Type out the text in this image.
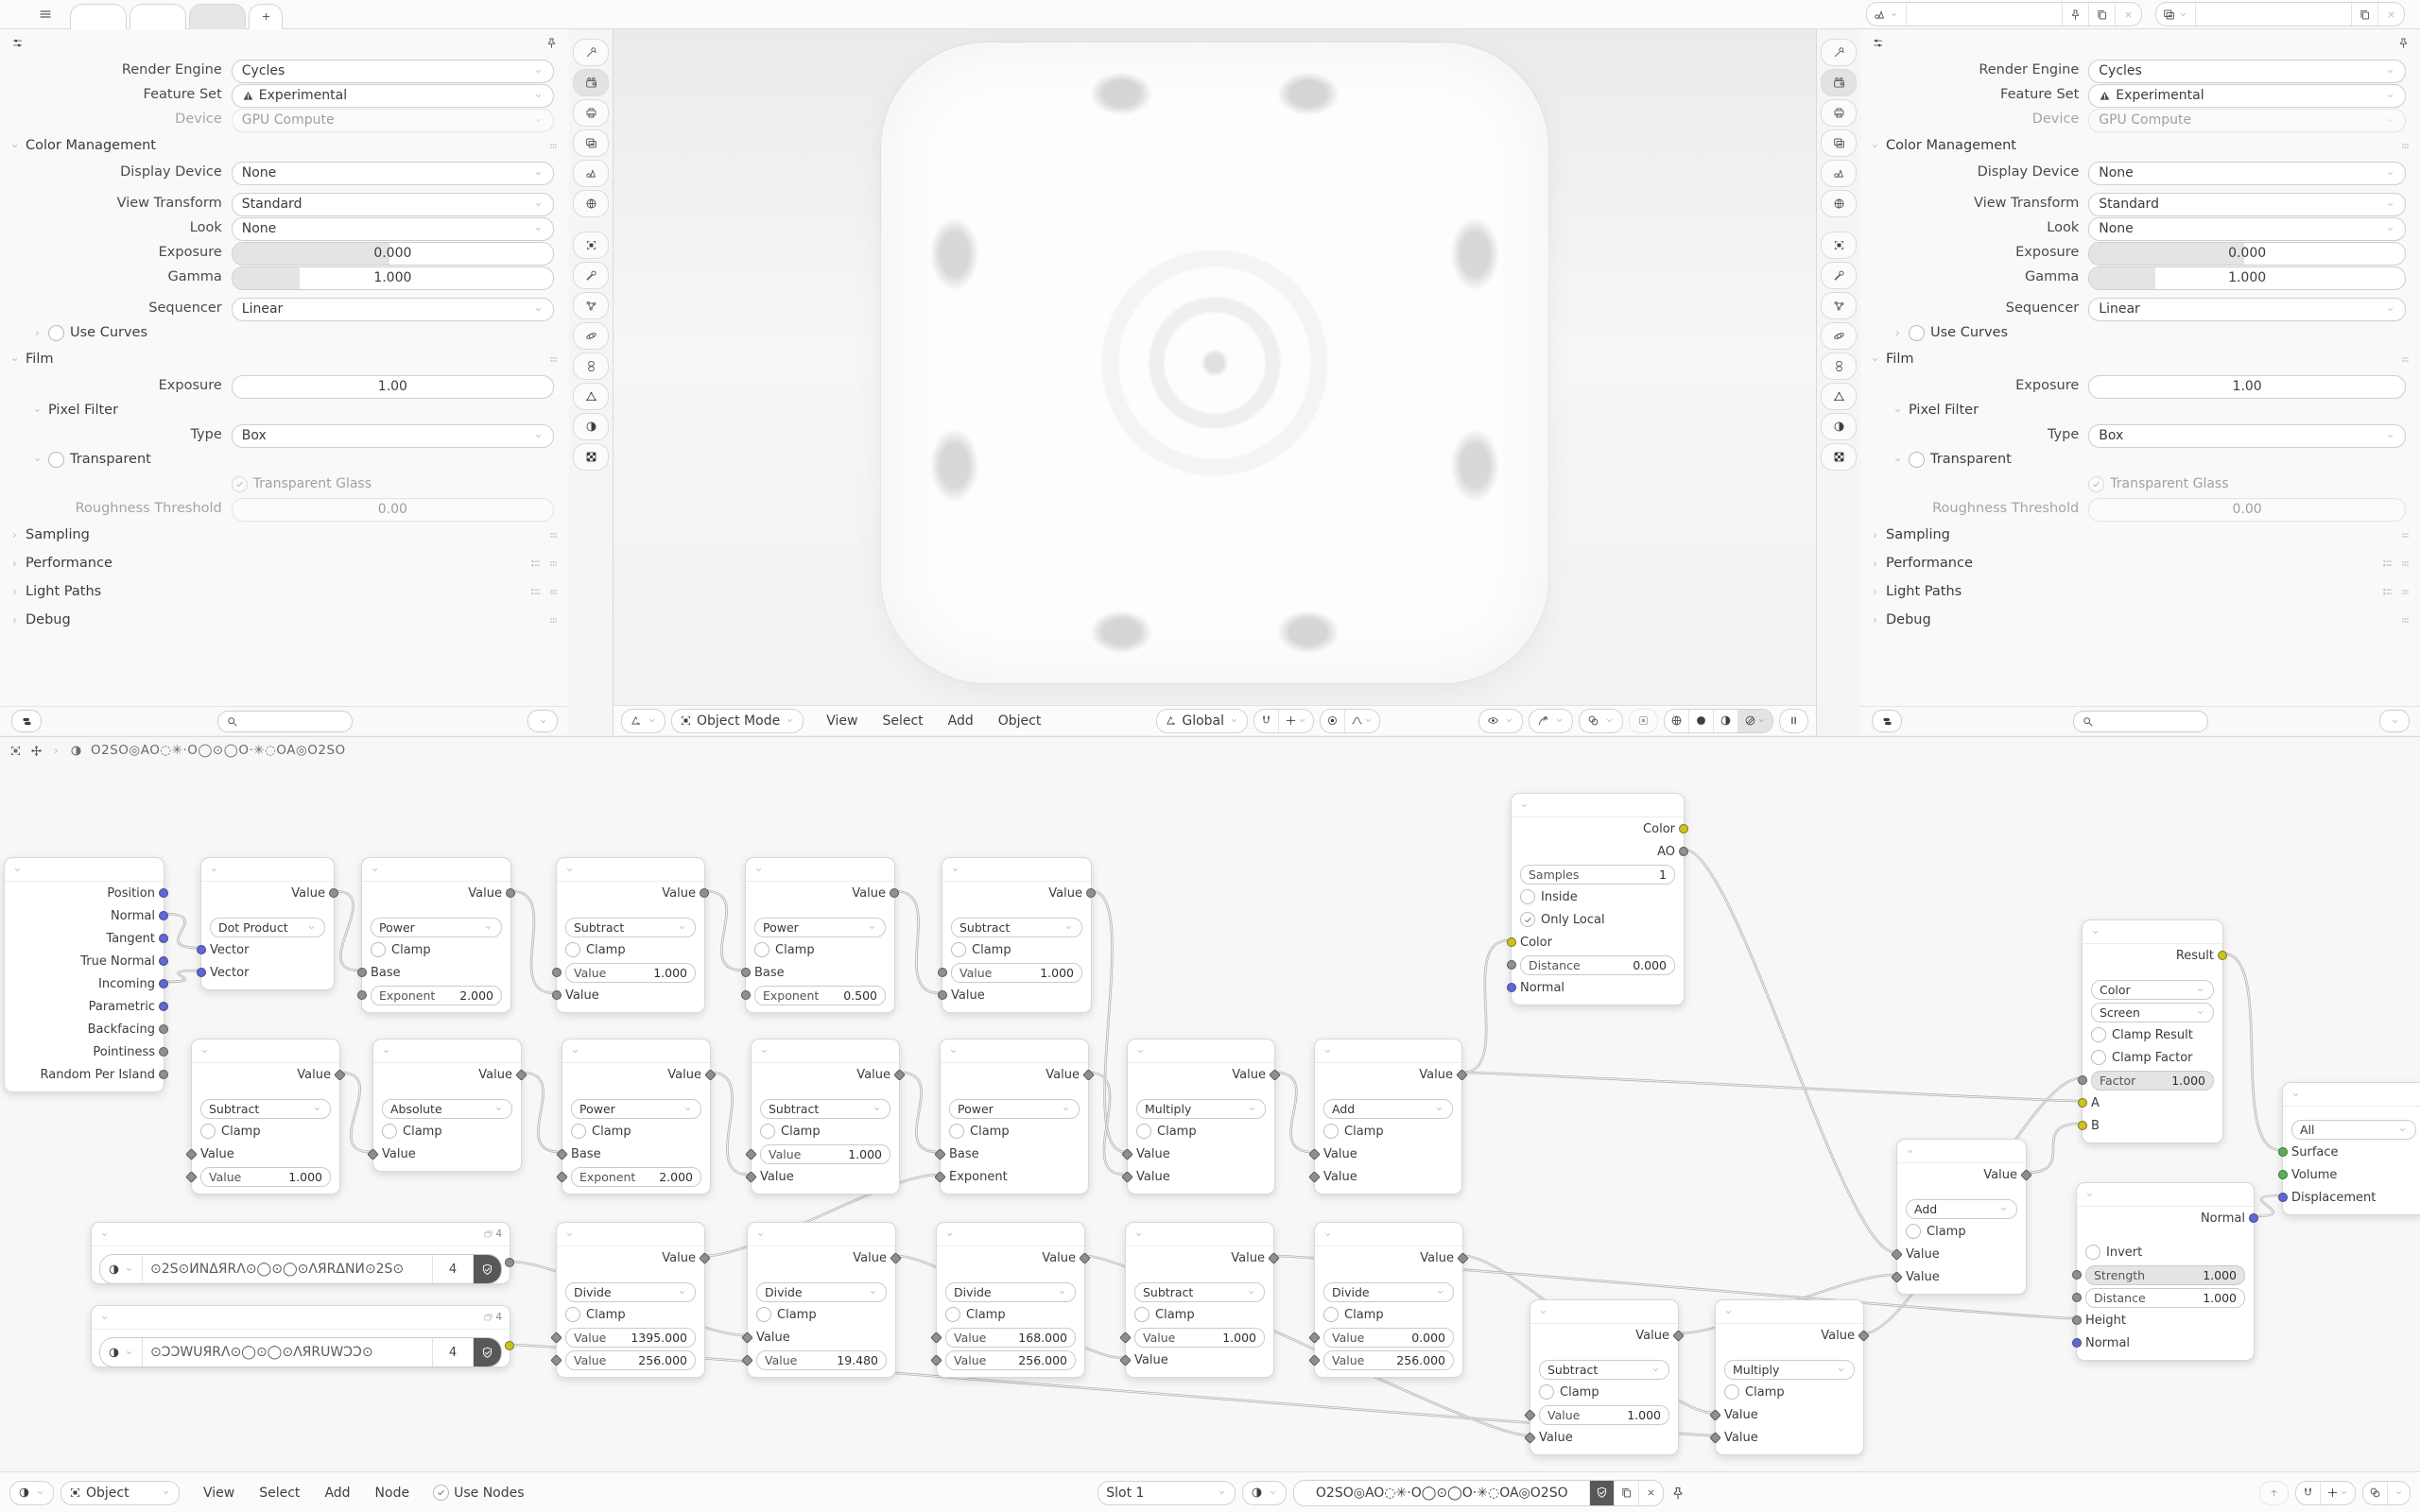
Render Engine	Cycles
Feature Set	Experimental
Device	GPU Compute
Color Management
Display Device	None
View Transform	Standard
Look	None
Exposure	0.000
Gamma	1.000
Sequencer	Linear
Use Curves
Film
Exposure	1.00
Pixel Filter
Type	Box
Transparent
Transparent Glass
Roughness Threshold	0.00
Sampling
Performance
Light Paths
Debug
Render Engine	Cycles
Feature Set	Experimental
Device	GPU Compute
Color Management
Display Device	None
View Transform	Standard
Look	None
Exposure	0.000
Gamma	1.000
Sequencer	Linear
Use Curves
Film
Exposure	1.00
Pixel Filter
Type	Box
Transparent
Transparent Glass
Roughness Threshold	0.00
Sampling
Performance
Light Paths
Debug
Object Mode	View Select Add Object	Global
Position
Normal
Tangent
True Normal
Incoming
Parametric
Backfacing
Pointiness
Random Per Island
Value
Dot Product
Vector
Vector
Value
Power
Clamp
Base
Exponent 2.000
Value
Subtract
Clamp
Value	1.000
Value
Value
Power
Clamp
Base
Exponent 0.500
Value
Subtract
Clamp
Value	1.000
Value
Value
Subtract
Clamp
Value
Value	1.000
Value
Absolute
Clamp
Value
Value
Power
Clamp
Base
Exponent 2.000
Value
Subtract
Clamp
Value	1.000
Value
Value
Power
Clamp
Base
Exponent
Value
Multiply
Clamp
Value
Value
Value
Add
Clamp
Value
Value
Color
AO
Samples	1
Inside
Only Local
Color
Distance	0.000
Normal
Value
Add
Clamp
Value
Value
Result
Color
Screen
Clamp Result
Clamp Factor
Factor	1.000
A
B	All
Surface
Volume
Displacement
Normal
Invert
Strength	1.000
Distance	1.000
Height
Normal
4
⊙2S⊙ИNΔЯRΛ⊙◯⊙◯⊙ΛЯRΔNИ⊙2S⊙	4
4
⊙ƆƆWUЯRΛ⊙◯⊙◯⊙ΛЯRUWƆƆ⊙	4
Value
Divide
Clamp
Value 1395.000
Value	256.000
Value
Divide
Clamp
Value
Value	19.480
Value
Divide
Clamp
Value	168.000
Value	256.000
Value
Subtract
Clamp
Value	1.000
Value
Value
Divide
Clamp
Value	0.000
Value	256.000
Value
Subtract
Clamp
Value	1.000
Value
Value
Multiply
Clamp
Value
Value
O2SO◎AO◌✳·O◯⊙◯O·✳◌OA◎O2SO
Object	View Select Add Node	Use Nodes	Slot 1	O2SO◎AO◌✳·O◯⊙◯O·✳◌OA◎O2SO
